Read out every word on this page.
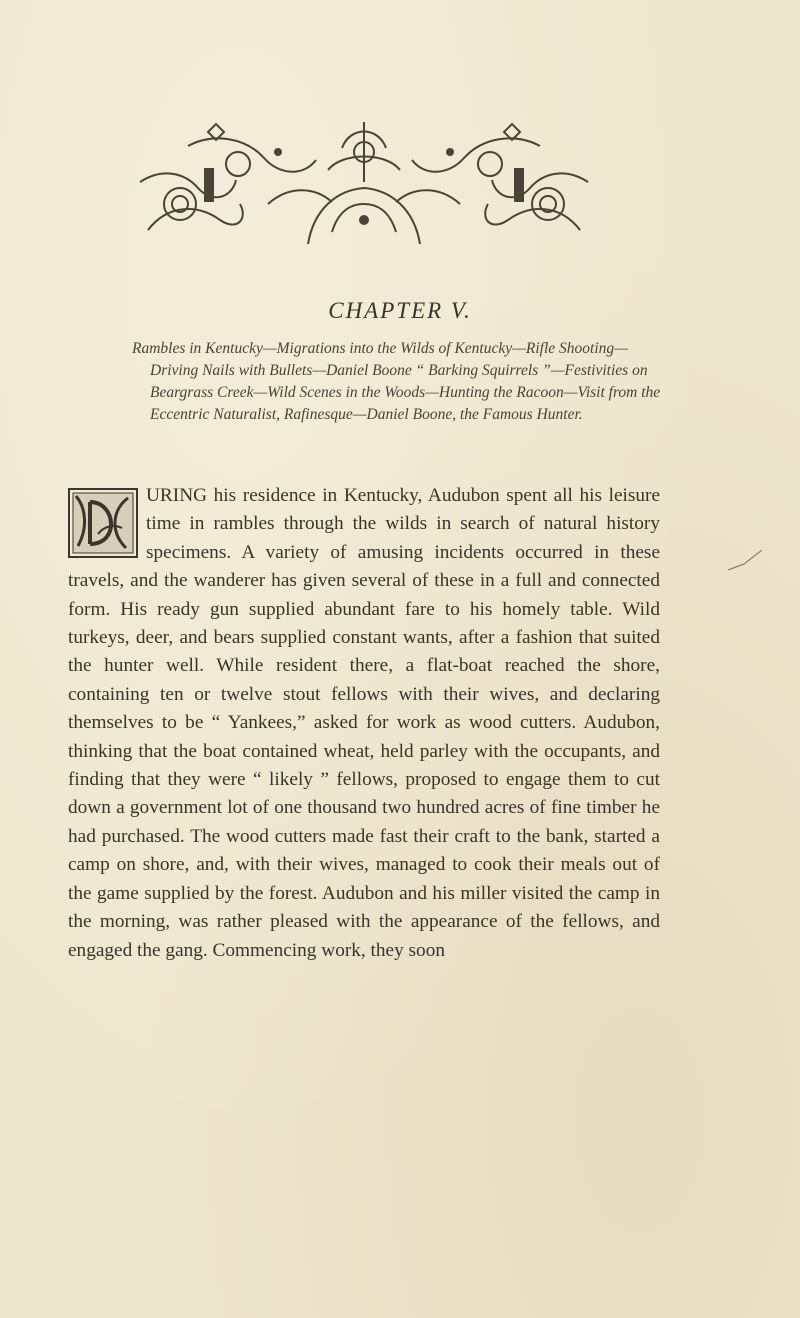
CHAPTER V.
Rambles in Kentucky—Migrations into the Wilds of Kentucky—Rifle Shooting— Driving Nails with Bullets—Daniel Boone “ Barking Squirrels ”—Festivities on Beargrass Creek—Wild Scenes in the Woods—Hunting the Racoon—Visit from the Eccentric Naturalist, Rafinesque—Daniel Boone, the Famous Hunter.
URING his residence in Kentucky, Audubon spent all his leisure time in rambles through the wilds in search of natural history specimens. A variety of amusing incidents occurred in these travels, and the wanderer has given several of these in a full and connected form. His ready gun supplied abundant fare to his homely table. Wild turkeys, deer, and bears supplied constant wants, after a fashion that suited the hunter well. While resident there, a flat-boat reached the shore, containing ten or twelve stout fellows with their wives, and declaring themselves to be “ Yankees,” asked for work as wood cutters. Audubon, thinking that the boat contained wheat, held parley with the occupants, and finding that they were “ likely ” fellows, proposed to engage them to cut down a government lot of one thousand two hundred acres of fine timber he had purchased. The wood cutters made fast their craft to the bank, started a camp on shore, and, with their wives, managed to cook their meals out of the game supplied by the forest. Audubon and his miller visited the camp in the morning, was rather pleased with the appearance of the fellows, and engaged the gang. Commencing work, they soon
